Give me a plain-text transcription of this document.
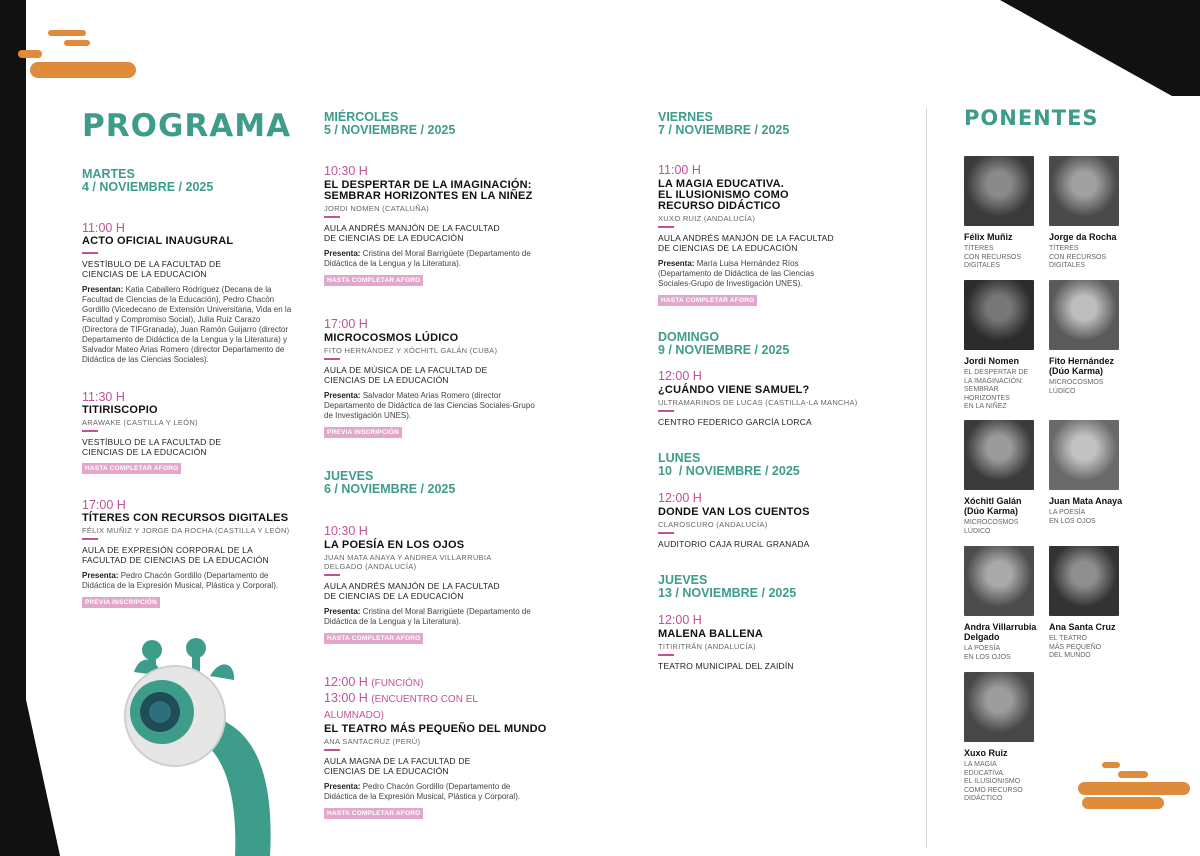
PROGRAMA
MARTES
4 / NOVIEMBRE / 2025
11:00 H
ACTO OFICIAL INAUGURAL
VESTÍBULO DE LA FACULTAD DE
CIENCIAS DE LA EDUCACIÓN
Presentan: Katia Caballero Rodríguez (Decana de la Facultad de Ciencias de la Educación), Pedro Chacón Gordillo (Vicedecano de Extensión Universitaria, Vida en la Facultad y Compromiso Social), Julia Ruiz Carazo (Directora de TIFGranada), Juan Ramón Guijarro (director Departamento de Didáctica de la Lengua y la Literatura) y Salvador Mateo Arias Romero (director Departamento de Didáctica de las Ciencias Sociales).
11:30 H
TITIRISCOPIO
ARAWAKE (CASTILLA Y LEÓN)
VESTÍBULO DE LA FACULTAD DE
CIENCIAS DE LA EDUCACIÓN
HASTA COMPLETAR AFORO
17:00 H
TÍTERES CON RECURSOS DIGITALES
FÉLIX MUÑIZ Y JORGE DA ROCHA (CASTILLA Y LEÓN)
AULA DE EXPRESIÓN CORPORAL DE LA
FACULTAD DE CIENCIAS DE LA EDUCACIÓN
Presenta: Pedro Chacón Gordillo (Departamento de Didáctica de la Expresión Musical, Plástica y Corporal).
PREVIA INSCRIPCIÓN
MIÉRCOLES
5 / NOVIEMBRE / 2025
10:30 H
EL DESPERTAR DE LA IMAGINACIÓN:
SEMBRAR HORIZONTES EN LA NIÑEZ
JORDI NOMEN (CATALUÑA)
AULA ANDRÉS MANJÓN DE LA FACULTAD
DE CIENCIAS DE LA EDUCACIÓN
Presenta: Cristina del Moral Barrigüete (Departamento de Didáctica de la Lengua y la Literatura).
HASTA COMPLETAR AFORO
17:00 H
MICROCOSMOS LÚDICO
FITO HERNÁNDEZ Y XÓCHITL GALÁN (CUBA)
AULA DE MÚSICA DE LA FACULTAD DE
CIENCIAS DE LA EDUCACIÓN
Presenta: Salvador Mateo Arias Romero (director Departamento de Didáctica de las Ciencias Sociales-Grupo de Investigación UNES).
PREVIA INSCRIPCIÓN
JUEVES
6 / NOVIEMBRE / 2025
10:30 H
LA POESÍA EN LOS OJOS
JUAN MATA ANAYA Y ANDREA VILLARRUBIA
DELGADO (ANDALUCÍA)
AULA ANDRÉS MANJÓN DE LA FACULTAD
DE CIENCIAS DE LA EDUCACIÓN
Presenta: Cristina del Moral Barrigüete (Departamento de Didáctica de la Lengua y la Literatura).
HASTA COMPLETAR AFORO
12:00 H (FUNCIÓN)
13:00 H (ENCUENTRO CON EL ALUMNADO)
EL TEATRO MÁS PEQUEÑO DEL MUNDO
ANA SANTACRUZ (PERÚ)
AULA MAGNA DE LA FACULTAD DE
CIENCIAS DE LA EDUCACIÓN
Presenta: Pedro Chacón Gordillo (Departamento de Didáctica de la Expresión Musical, Plástica y Corporal).
HASTA COMPLETAR AFORO
VIERNES
7 / NOVIEMBRE / 2025
11:00 H
LA MAGIA EDUCATIVA.
EL ILUSIONISMO COMO
RECURSO DIDÁCTICO
XUXO RUIZ (ANDALUCÍA)
AULA ANDRÉS MANJÓN DE LA FACULTAD
DE CIENCIAS DE LA EDUCACIÓN
Presenta: María Luisa Hernández Ríos (Departamento de Didáctica de las Ciencias Sociales-Grupo de Investigación UNES).
HASTA COMPLETAR AFORO
DOMINGO
9 / NOVIEMBRE / 2025
12:00 H
¿CUÁNDO VIENE SAMUEL?
ULTRAMARINOS DE LUCAS (CASTILLA-LA MANCHA)
CENTRO FEDERICO GARCÍA LORCA
LUNES
10  / NOVIEMBRE / 2025
12:00 H
DONDE VAN LOS CUENTOS
CLAROSCURO (ANDALUCÍA)
AUDITORIO CAJA RURAL GRANADA
JUEVES
13 / NOVIEMBRE / 2025
12:00 H
MALENA BALLENA
TITIRITRÁN (ANDALUCÍA)
TEATRO MUNICIPAL DEL ZAIDÍN
PONENTES
Félix Muñiz
TÍTERES
CON RECURSOS
DIGITALES
Jorge da Rocha
TÍTERES
CON RECURSOS
DIGITALES
Jordi Nomen
EL DESPERTAR DE
LA IMAGINACIÓN:
SEMBRAR
HORIZONTES
EN LA NIÑEZ
Fito Hernández
(Dúo Karma)
MICROCOSMOS
LÚDICO
Xóchitl Galán
(Dúo Karma)
MICROCOSMOS
LÚDICO
Juan Mata Anaya
LA POESÍA
EN LOS OJOS
Andra Villarrubia
Delgado
LA POESÍA
EN LOS OJOS
Ana Santa Cruz
EL TEATRO
MÁS PEQUEÑO
DEL MUNDO
Xuxo Ruiz
LA MAGIA
EDUCATIVA.
EL ILUSIONISMO
COMO RECURSO
DIDÁCTICO
